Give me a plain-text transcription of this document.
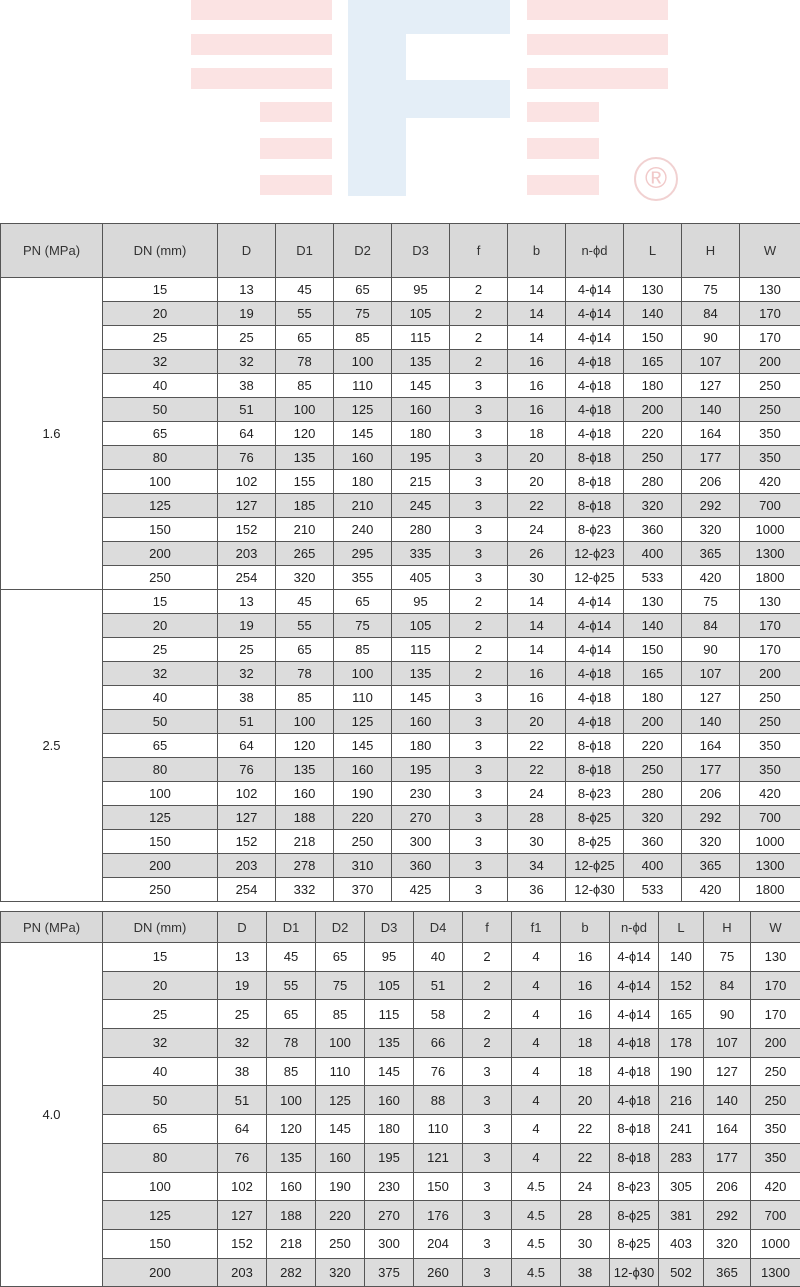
®
PN (MPa)	DN (mm)	D	D1	D2	D3	f	b	n-ϕd	L	H	W
1.6	15	13	45	65	95	2	14	4-ϕ14	130	75	130
	20	19	55	75	105	2	14	4-ϕ14	140	84	170
	25	25	65	85	115	2	14	4-ϕ14	150	90	170
	32	32	78	100	135	2	16	4-ϕ18	165	107	200
	40	38	85	110	145	3	16	4-ϕ18	180	127	250
	50	51	100	125	160	3	16	4-ϕ18	200	140	250
	65	64	120	145	180	3	18	4-ϕ18	220	164	350
	80	76	135	160	195	3	20	8-ϕ18	250	177	350
	100	102	155	180	215	3	20	8-ϕ18	280	206	420
	125	127	185	210	245	3	22	8-ϕ18	320	292	700
	150	152	210	240	280	3	24	8-ϕ23	360	320	1000
	200	203	265	295	335	3	26	12-ϕ23	400	365	1300
	250	254	320	355	405	3	30	12-ϕ25	533	420	1800
2.5	15	13	45	65	95	2	14	4-ϕ14	130	75	130
	20	19	55	75	105	2	14	4-ϕ14	140	84	170
	25	25	65	85	115	2	14	4-ϕ14	150	90	170
	32	32	78	100	135	2	16	4-ϕ18	165	107	200
	40	38	85	110	145	3	16	4-ϕ18	180	127	250
	50	51	100	125	160	3	20	4-ϕ18	200	140	250
	65	64	120	145	180	3	22	8-ϕ18	220	164	350
	80	76	135	160	195	3	22	8-ϕ18	250	177	350
	100	102	160	190	230	3	24	8-ϕ23	280	206	420
	125	127	188	220	270	3	28	8-ϕ25	320	292	700
	150	152	218	250	300	3	30	8-ϕ25	360	320	1000
	200	203	278	310	360	3	34	12-ϕ25	400	365	1300
	250	254	332	370	425	3	36	12-ϕ30	533	420	1800
PN (MPa)	DN (mm)	D	D1	D2	D3	D4	f	f1	b	n-ϕd	L	H	W
4.0	15	13	45	65	95	40	2	4	16	4-ϕ14	140	75	130
	20	19	55	75	105	51	2	4	16	4-ϕ14	152	84	170
	25	25	65	85	115	58	2	4	16	4-ϕ14	165	90	170
	32	32	78	100	135	66	2	4	18	4-ϕ18	178	107	200
	40	38	85	110	145	76	3	4	18	4-ϕ18	190	127	250
	50	51	100	125	160	88	3	4	20	4-ϕ18	216	140	250
	65	64	120	145	180	110	3	4	22	8-ϕ18	241	164	350
	80	76	135	160	195	121	3	4	22	8-ϕ18	283	177	350
	100	102	160	190	230	150	3	4.5	24	8-ϕ23	305	206	420
	125	127	188	220	270	176	3	4.5	28	8-ϕ25	381	292	700
	150	152	218	250	300	204	3	4.5	30	8-ϕ25	403	320	1000
	200	203	282	320	375	260	3	4.5	38	12-ϕ30	502	365	1300
